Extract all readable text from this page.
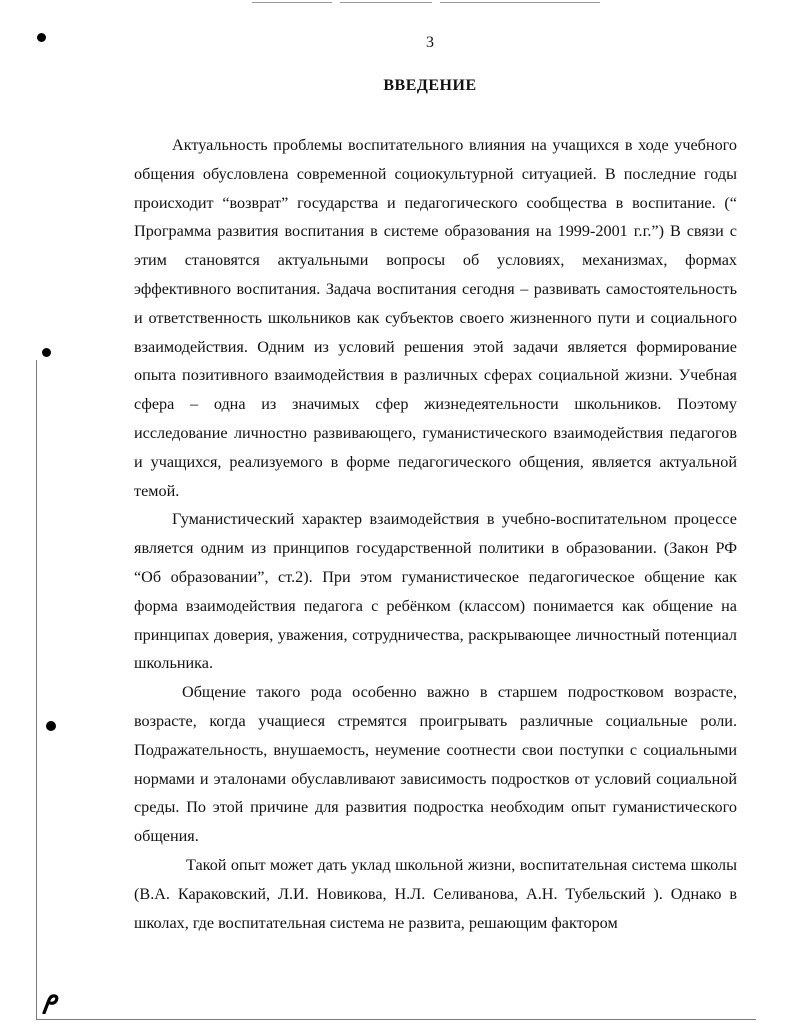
3
ВВЕДЕНИЕ

Актуальность проблемы воспитательного влияния на учащихся в ходе учебного общения обусловлена современной социокультурной ситуацией. В последние годы происходит “возврат” государства и педагогического сообщества в воспитание. (“ Программа развития воспитания в системе образования на 1999-2001 г.г.”) В связи с этим становятся актуальными вопросы об условиях, механизмах, формах эффективного воспитания. Задача воспитания сегодня – развивать самостоятельность и ответственность школьников как субъектов своего жизненного пути и социального взаимодействия. Одним из условий решения этой задачи является формирование опыта позитивного взаимодействия в различных сферах социальной жизни. Учебная сфера – одна из значимых сфер жизнедеятельности школьников. Поэтому исследование личностно развивающего, гуманистического взаимодействия педагогов и учащихся, реализуемого в форме педагогического общения, является актуальной темой.

Гуманистический характер взаимодействия в учебно-воспитательном процессе является одним из принципов государственной политики в образовании. (Закон РФ “Об образовании”, ст.2). При этом гуманистическое педагогическое общение как форма взаимодействия педагога с ребёнком (классом) понимается как общение на принципах доверия, уважения, сотрудничества, раскрывающее личностный потенциал школьника.

Общение такого рода особенно важно в старшем подростковом возрасте, возрасте, когда учащиеся стремятся проигрывать различные социальные роли. Подражательность, внушаемость, неумение соотнести свои поступки с социальными нормами и эталонами обуславливают зависимость подростков от условий социальной среды. По этой причине для развития подростка необходим опыт гуманистического общения.

Такой опыт может дать уклад школьной жизни, воспитательная система школы (В.А. Караковский, Л.И. Новикова, Н.Л. Селиванова, А.Н. Тубельский ). Однако в школах, где воспитательная система не развита, решающим фактором
